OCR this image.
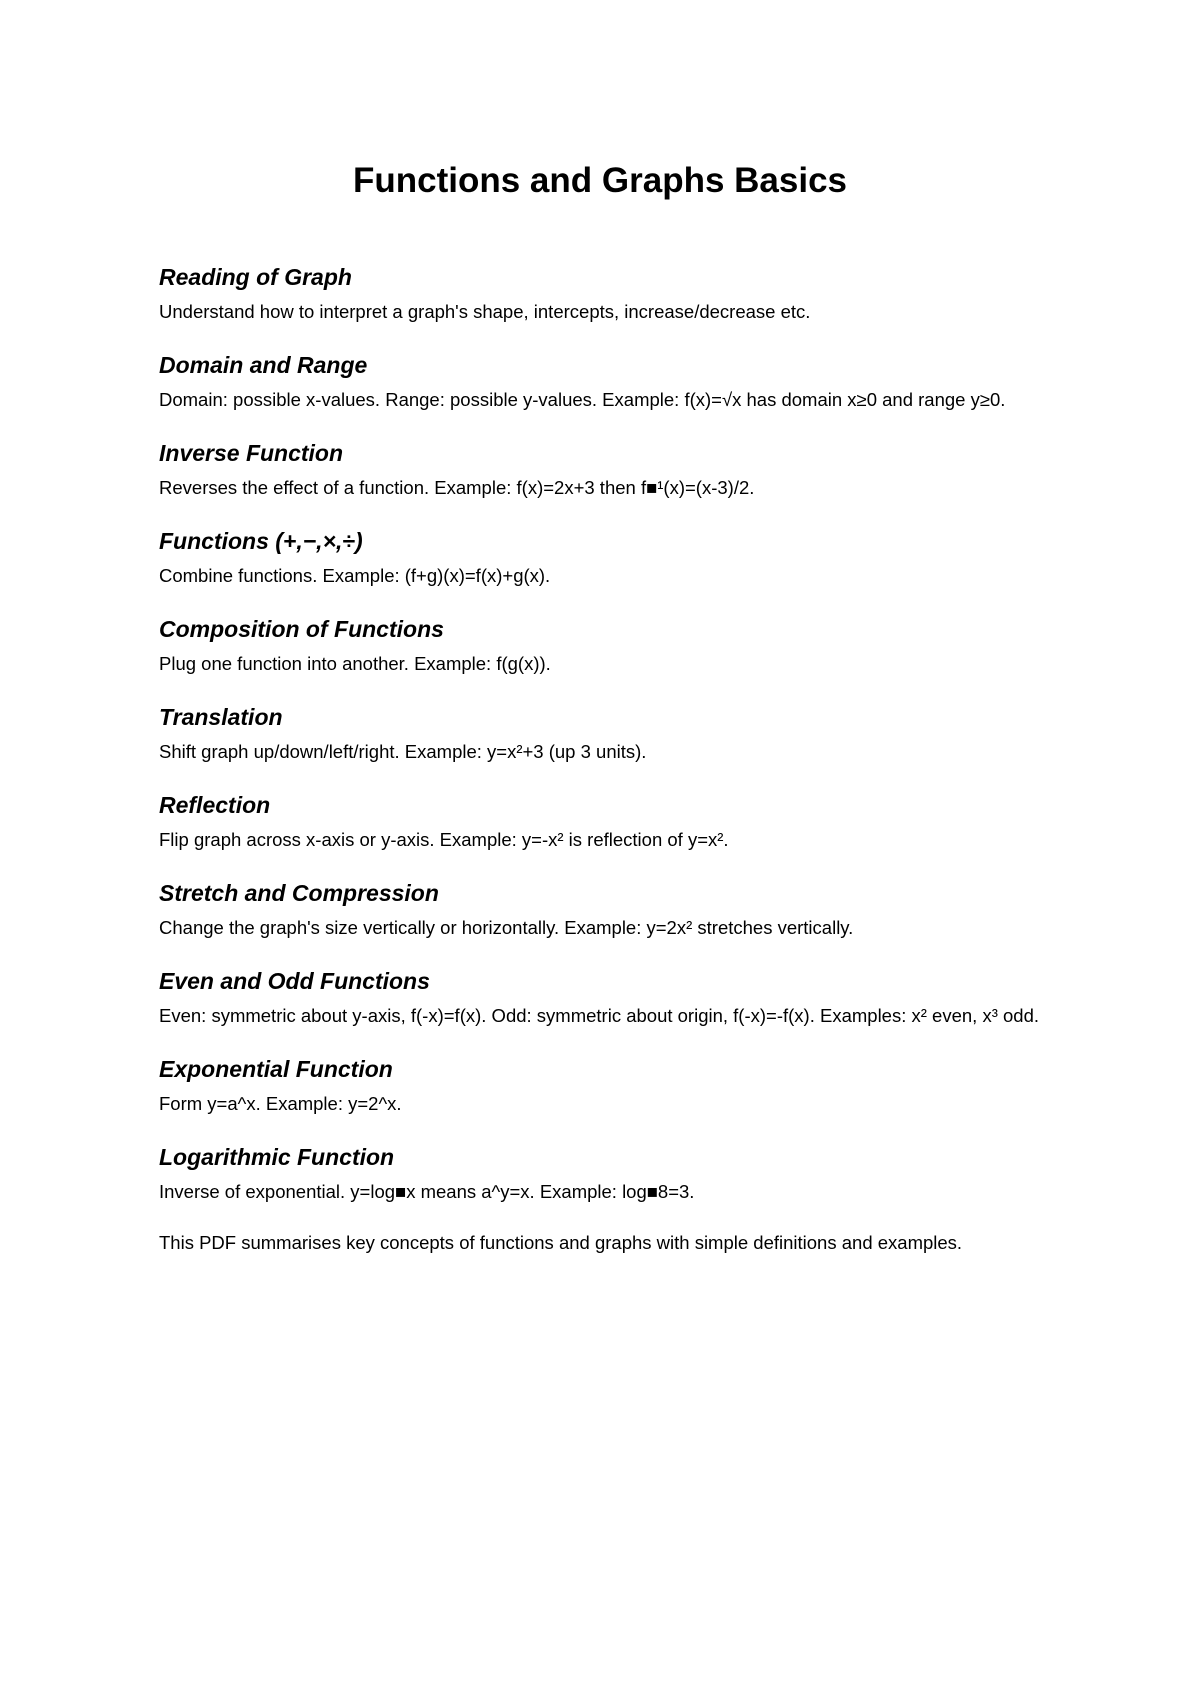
Functions and Graphs Basics
Reading of Graph

Understand how to interpret a graph's shape, intercepts, increase/decrease etc.

Domain and Range

Domain: possible x-values. Range: possible y-values. Example: f(x)=√x has domain x≥0 and range y≥0.

Inverse Function

Reverses the effect of a function. Example: f(x)=2x+3 then f■¹(x)=(x-3)/2.

Functions (+,−,×,÷)

Combine functions. Example: (f+g)(x)=f(x)+g(x).

Composition of Functions

Plug one function into another. Example: f(g(x)).

Translation

Shift graph up/down/left/right. Example: y=x²+3 (up 3 units).

Reflection

Flip graph across x-axis or y-axis. Example: y=-x² is reflection of y=x².

Stretch and Compression

Change the graph's size vertically or horizontally. Example: y=2x² stretches vertically.

Even and Odd Functions

Even: symmetric about y-axis, f(-x)=f(x). Odd: symmetric about origin, f(-x)=-f(x). Examples: x² even, x³ odd.

Exponential Function

Form y=a^x. Example: y=2^x.

Logarithmic Function

Inverse of exponential. y=log■x means a^y=x. Example: log■8=3.

This PDF summarises key concepts of functions and graphs with simple definitions and examples.
